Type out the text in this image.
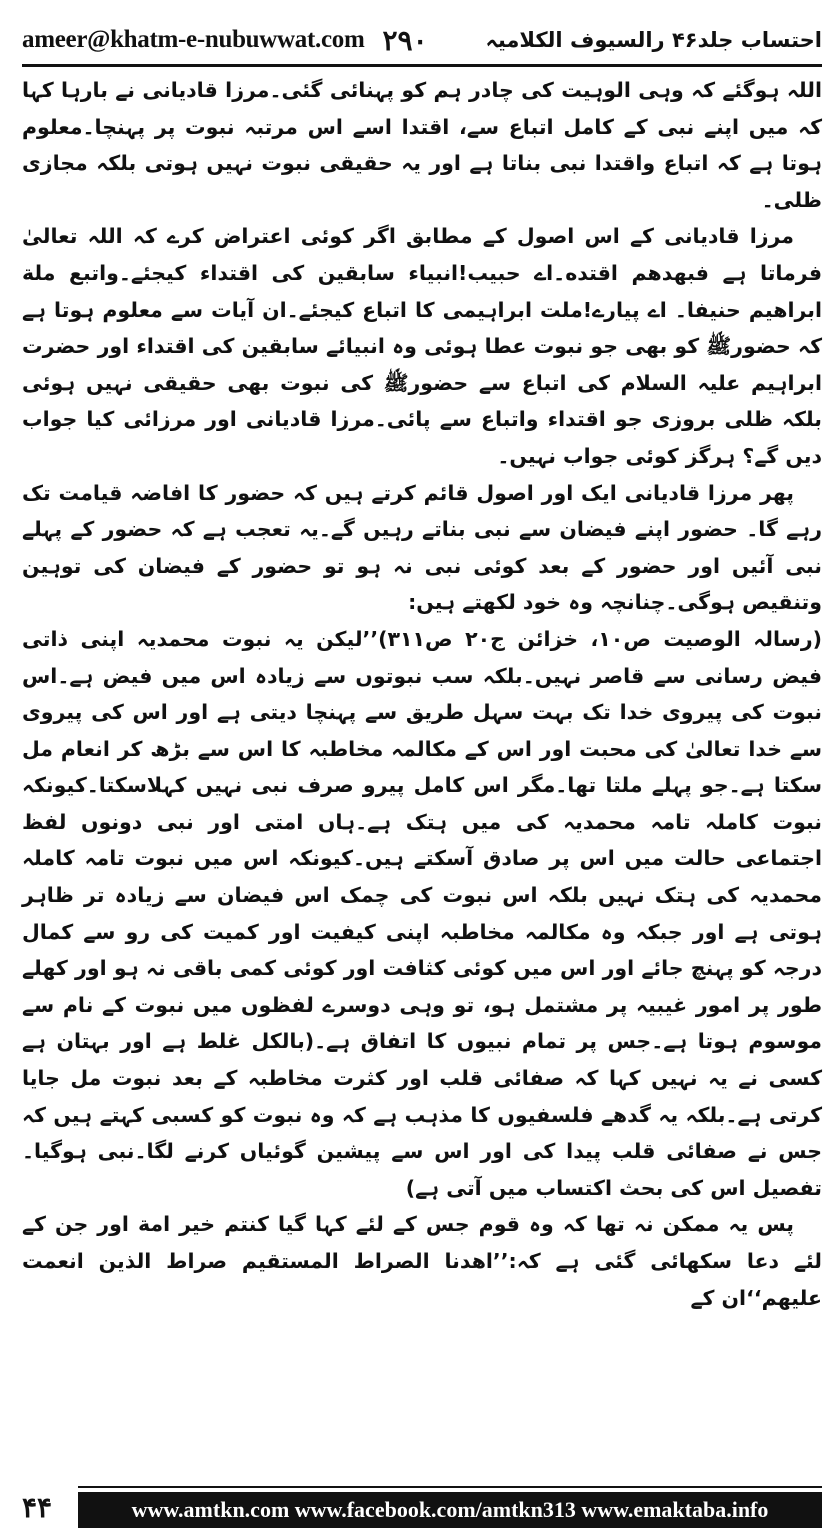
ameer@khatm-e-nubuwwat.com ۲۹۰	احتساب جلد۴۶ رالسیوف الکلامیہ

اللہ ہوگئے کہ وہی الوہیت کی چادر ہم کو پہنائی گئی۔مرزا قادیانی نے بارہا کہا کہ میں اپنے نبی کے کامل اتباع سے، اقتدا اسے اس مرتبہ نبوت پر پہنچا۔معلوم ہوتا ہے کہ اتباع واقتدا نبی بناتا ہے اور یہ حقیقی نبوت نہیں ہوتی بلکہ مجازی ظلی۔

مرزا قادیانی کے اس اصول کے مطابق اگر کوئی اعتراض کرے کہ اللہ تعالیٰ فرماتا ہے فبهدهم اقتده۔اے حبیب!انبیاء سابقین کی اقتداء کیجئے۔واتبع ملة ابراهيم حنيفا۔ اے پیارے!ملت ابراہیمی کا اتباع کیجئے۔ان آیات سے معلوم ہوتا ہے کہ حضورﷺ کو بھی جو نبوت عطا ہوئی وہ انبیائے سابقین کی اقتداء اور حضرت ابراہیم علیہ السلام کی اتباع سے حضورﷺ کی نبوت بھی حقیقی نہیں ہوئی بلکہ ظلی بروزی جو اقتداء واتباع سے پائی۔مرزا قادیانی اور مرزائی کیا جواب دیں گے؟ ہرگز کوئی جواب نہیں۔

پھر مرزا قادیانی ایک اور اصول قائم کرتے ہیں کہ حضور کا افاضہ قیامت تک رہے گا۔ حضور اپنے فیضان سے نبی بناتے رہیں گے۔یہ تعجب ہے کہ حضور کے پہلے نبی آئیں اور حضور کے بعد کوئی نبی نہ ہو تو حضور کے فیضان کی توہین وتنقیص ہوگی۔چنانچہ وہ خود لکھتے ہیں:

(رسالہ الوصیت ص۱۰، خزائن ج۲۰ ص۳۱۱)’’لیکن یہ نبوت محمدیہ اپنی ذاتی فیض رسانی سے قاصر نہیں۔بلکہ سب نبوتوں سے زیادہ اس میں فیض ہے۔اس نبوت کی پیروی خدا تک بہت سہل طریق سے پہنچا دیتی ہے اور اس کی پیروی سے خدا تعالیٰ کی محبت اور اس کے مکالمہ مخاطبہ کا اس سے بڑھ کر انعام مل سکتا ہے۔جو پہلے ملتا تھا۔مگر اس کامل پیرو صرف نبی نہیں کہلاسکتا۔کیونکہ نبوت کاملہ تامہ محمدیہ کی میں ہتک ہے۔ہاں امتی اور نبی دونوں لفظ اجتماعی حالت میں اس پر صادق آسکتے ہیں۔کیونکہ اس میں نبوت تامہ کاملہ محمدیہ کی ہتک نہیں بلکہ اس نبوت کی چمک اس فیضان سے زیادہ تر ظاہر ہوتی ہے اور جبکہ وہ مکالمہ مخاطبہ اپنی کیفیت اور کمیت کی رو سے کمال درجہ کو پہنچ جائے اور اس میں کوئی کثافت اور کوئی کمی باقی نہ ہو اور کھلے طور پر امور غیبیہ پر مشتمل ہو، تو وہی دوسرے لفظوں میں نبوت کے نام سے موسوم ہوتا ہے۔جس پر تمام نبیوں کا اتفاق ہے۔(بالکل غلط ہے اور بہتان ہے کسی نے یہ نہیں کہا کہ صفائی قلب اور کثرت مخاطبہ کے بعد نبوت مل جایا کرتی ہے۔بلکہ یہ گدھے فلسفیوں کا مذہب ہے کہ وہ نبوت کو کسبی کہتے ہیں کہ جس نے صفائی قلب پیدا کی اور اس سے پیشین گوئیاں کرنے لگا۔نبی ہوگیا۔تفصیل اس کی بحث اکتساب میں آتی ہے)

پس یہ ممکن نہ تھا کہ وہ قوم جس کے لئے کہا گیا کنتم خير امة اور جن کے لئے دعا سکھائی گئی ہے کہ:’’اهدنا الصراط المستقيم صراط الذين انعمت عليهم‘‘ان کے

۴۴	www.amtkn.com www.facebook.com/amtkn313 www.emaktaba.info
